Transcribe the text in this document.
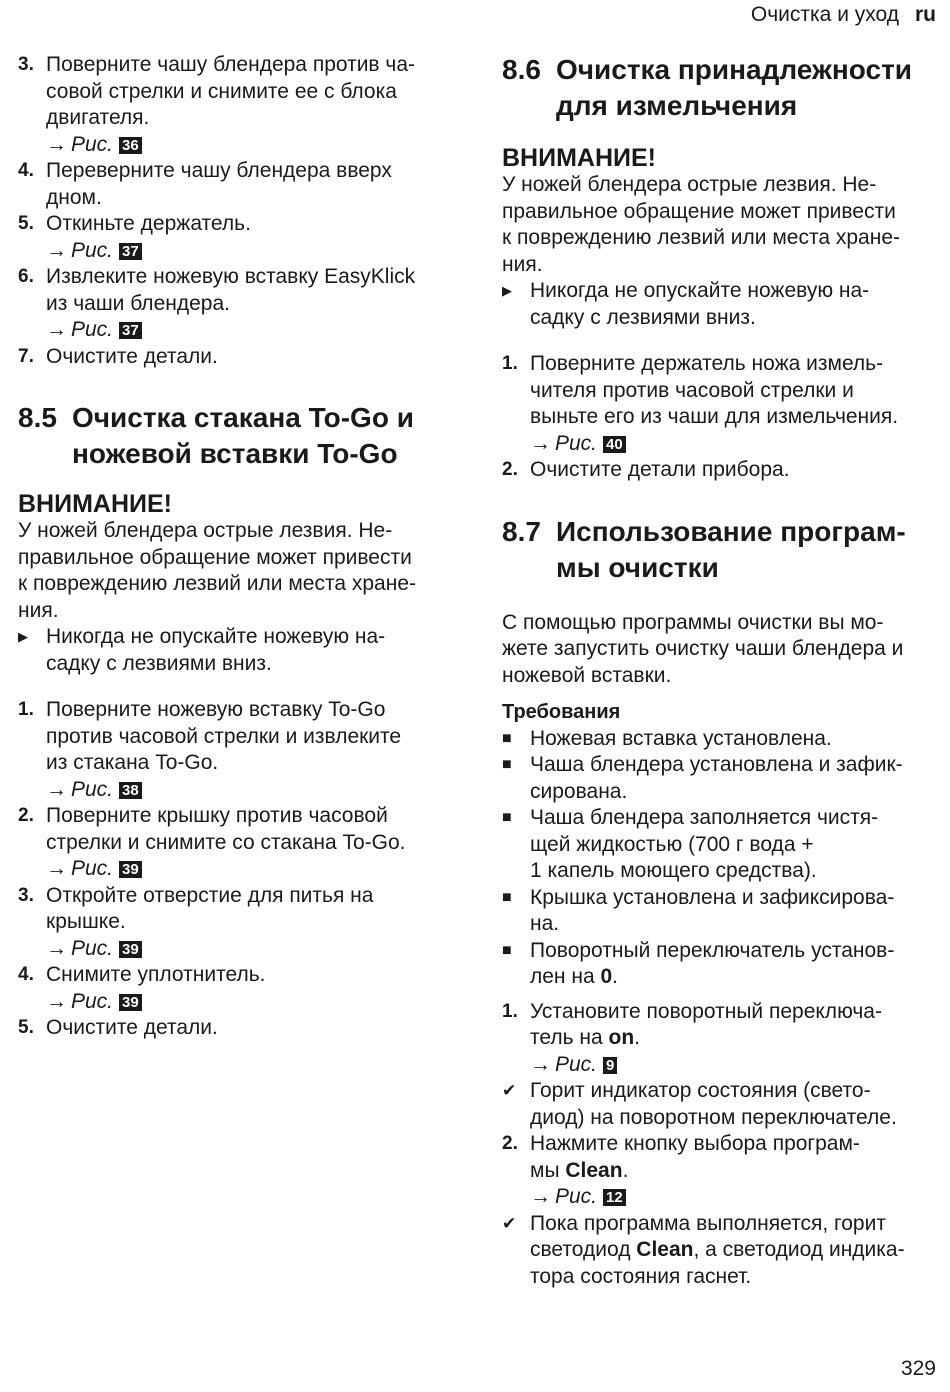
Очистка и уход ru
3. Поверните чашу блендера против ча-
совой стрелки и снимите ее с блока
двигателя.
→ Рис. 36
4. Переверните чашу блендера вверх
дном.
5. Откиньте держатель.
→ Рис. 37
6. Извлеките ножевую вставку EasyKlick
из чаши блендера.
→ Рис. 37
7. Очистите детали.
8.5 Очистка стакана To-Go и
ножевой вставки To-Go
ВНИМАНИЕ!
У ножей блендера острые лезвия. Не-
правильное обращение может привести
к повреждению лезвий или места хране-
ния.
▶ Никогда не опускайте ножевую на-
садку с лезвиями вниз.
1. Поверните ножевую вставку To-Go
против часовой стрелки и извлеките
из стакана To-Go.
→ Рис. 38
2. Поверните крышку против часовой
стрелки и снимите со стакана To-Go.
→ Рис. 39
3. Откройте отверстие для питья на
крышке.
→ Рис. 39
4. Снимите уплотнитель.
→ Рис. 39
5. Очистите детали.
8.6 Очистка принадлежности
для измельчения
ВНИМАНИЕ!
У ножей блендера острые лезвия. Не-
правильное обращение может привести
к повреждению лезвий или места хране-
ния.
▶ Никогда не опускайте ножевую на-
садку с лезвиями вниз.
1. Поверните держатель ножа измель-
чителя против часовой стрелки и
выньте его из чаши для измельчения.
→ Рис. 40
2. Очистите детали прибора.
8.7 Использование програм-
мы очистки
С помощью программы очистки вы мо-
жете запустить очистку чаши блендера и
ножевой вставки.
Требования
■ Ножевая вставка установлена.
■ Чаша блендера установлена и зафик-
сирована.
■ Чаша блендера заполняется чистя-
щей жидкостью (700 г вода +
1 капель моющего средства).
■ Крышка установлена и зафиксирова-
на.
■ Поворотный переключатель установ-
лен на 0.
1. Установите поворотный переключа-
тель на on.
→ Рис. 9
✔ Горит индикатор состояния (свето-
диод) на поворотном переключателе.
2. Нажмите кнопку выбора програм-
мы Clean.
→ Рис. 12
✔ Пока программа выполняется, горит
светодиод Clean, а светодиод индика-
тора состояния гаснет.
329
